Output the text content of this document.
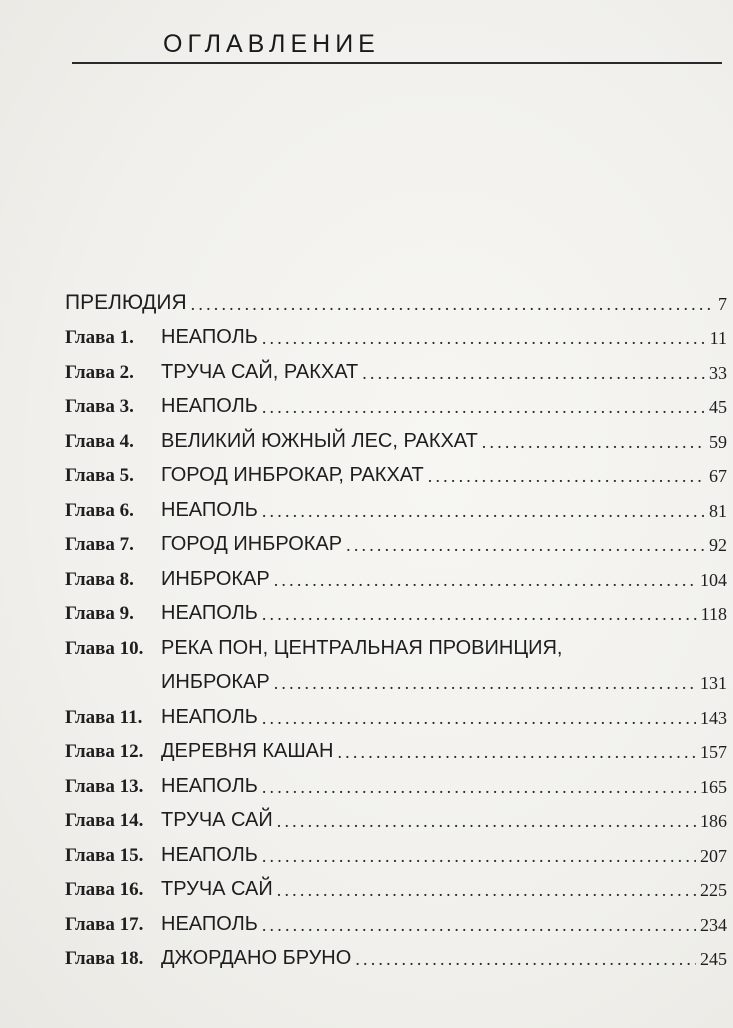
ОГЛАВЛЕНИЕ
ПРЕЛЮДИЯ .....	7
Глава 1.	НЕАПОЛЬ .....	11
Глава 2.	ТРУЧА САЙ, РАКХАТ .....	33
Глава 3.	НЕАПОЛЬ .....	45
Глава 4.	ВЕЛИКИЙ ЮЖНЫЙ ЛЕС, РАКХАТ .....	59
Глава 5.	ГОРОД ИНБРОКАР, РАКХАТ .....	67
Глава 6.	НЕАПОЛЬ .....	81
Глава 7.	ГОРОД ИНБРОКАР .....	92
Глава 8.	ИНБРОКАР .....	104
Глава 9.	НЕАПОЛЬ .....	118
Глава 10. РЕКА ПОН, ЦЕНТРАЛЬНАЯ ПРОВИНЦИЯ,
ИНБРОКАР .....	131
Глава 11. НЕАПОЛЬ .....	143
Глава 12. ДЕРЕВНЯ КАШАН .....	157
Глава 13. НЕАПОЛЬ .....	165
Глава 14. ТРУЧА САЙ .....	186
Глава 15. НЕАПОЛЬ .....	207
Глава 16. ТРУЧА САЙ .....	225
Глава 17. НЕАПОЛЬ .....	234
Глава 18. ДЖОРДАНО БРУНО .....	245
